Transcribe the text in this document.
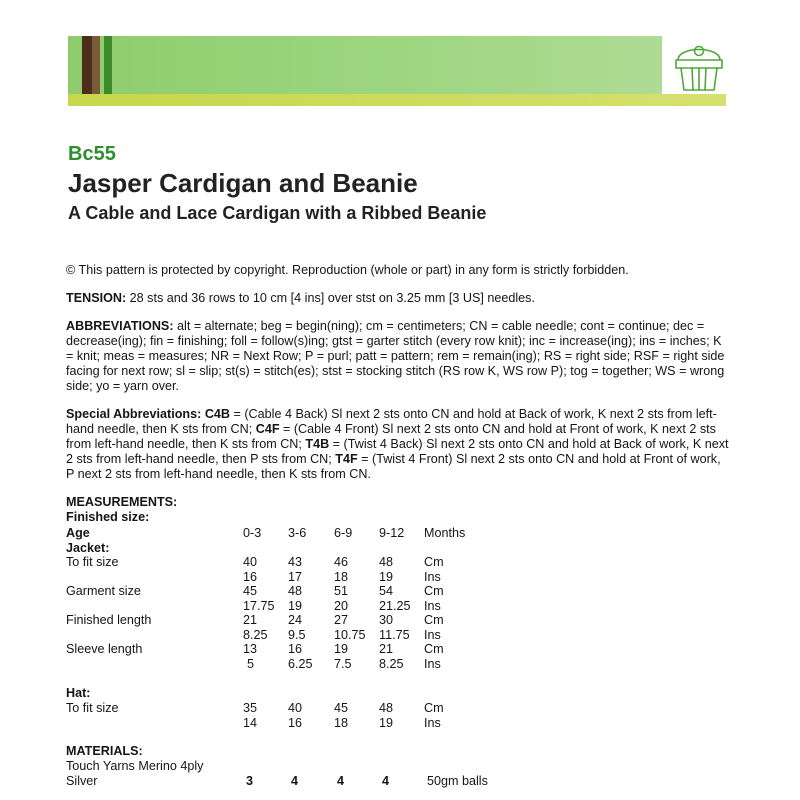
Bc55
Jasper Cardigan and Beanie
A Cable and Lace Cardigan with a Ribbed Beanie
© This pattern is protected by copyright. Reproduction (whole or part) in any form is strictly forbidden.
TENSION: 28 sts and 36 rows to 10 cm [4 ins] over stst on 3.25 mm [3 US] needles.
ABBREVIATIONS: alt = alternate; beg = begin(ning); cm = centimeters; CN = cable needle; cont = continue; dec = decrease(ing); fin = finishing; foll = follow(s)ing; gtst = garter stitch (every row knit); inc = increase(ing); ins = inches; K = knit; meas = measures; NR = Next Row; P = purl; patt = pattern; rem = remain(ing); RS = right side; RSF = right side facing for next row; sl = slip; st(s) = stitch(es); stst = stocking stitch (RS row K, WS row P); tog = together; WS = wrong side; yo = yarn over.
Special Abbreviations: C4B = (Cable 4 Back) Sl next 2 sts onto CN and hold at Back of work, K next 2 sts from left-hand needle, then K sts from CN; C4F = (Cable 4 Front) Sl next 2 sts onto CN and hold at Front of work, K next 2 sts from left-hand needle, then K sts from CN; T4B = (Twist 4 Back) Sl next 2 sts onto CN and hold at Back of work, K next 2 sts from left-hand needle, then P sts from CN; T4F = (Twist 4 Front) Sl next 2 sts onto CN and hold at Front of work, P next 2 sts from left-hand needle, then K sts from CN.
MEASUREMENTS:
Finished size:
Age	0-3 3-6 6-9 9-12 Months
Jacket:
To fit size	40 43	46 48 Cm
16 17	18 19 Ins
Garment size	45 48	51 54 Cm
17.75 19	20 21.25 Ins
Finished length	21 24	27 30 Cm
8.25 9.5 10.75 11.75 Ins
Sleeve length	13 16	19 21 Cm
5	6.25 7.5 8.25 Ins
Hat:
To fit size	35 40	45 48 Cm
14 16	18 19 Ins
MATERIALS:
Touch Yarns Merino 4ply
Silver	3	4	4	4	50gm balls
